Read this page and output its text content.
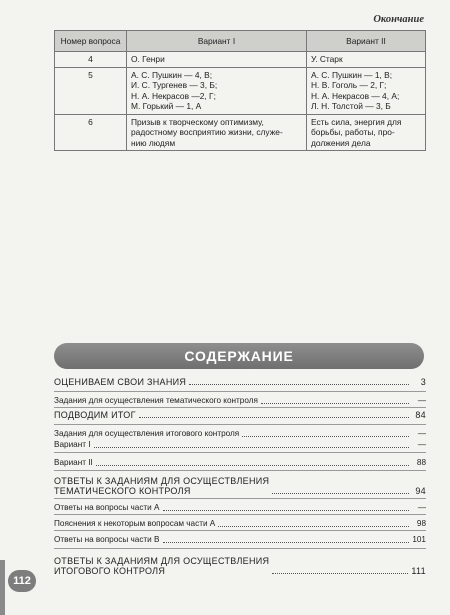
Окончание
Номер вопроса	Вариант I	Вариант II
4	О. Генри	У. Старк
5	А. С. Пушкин — 4, В;
И. С. Тургенев — 3, Б;
Н. А. Некрасов —2, Г;
М. Горький — 1, А	А. С. Пушкин — 1, В;
Н. В. Гоголь — 2, Г;
Н. А. Некрасов — 4, А;
Л. Н. Толстой — 3, Б
6	Призыв к творческому оптимизму,
радостному восприятию жизни, служе-
нию людям	Есть сила, энергия для
борьбы, работы, про-
должения дела
СОДЕРЖАНИЕ
ОЦЕНИВАЕМ СВОИ ЗНАНИЯ	3
Задания для осуществления тематического контроля	—
ПОДВОДИМ ИТОГ	84
Задания для осуществления итогового контроля	—
Вариант I	—
Вариант II	88
ОТВЕТЫ К ЗАДАНИЯМ ДЛЯ ОСУЩЕСТВЛЕНИЯ
ТЕМАТИЧЕСКОГО КОНТРОЛЯ	94
Ответы на вопросы части А	—
Пояснения к некоторым вопросам части А	98
Ответы на вопросы части В	101
ОТВЕТЫ К ЗАДАНИЯМ ДЛЯ ОСУЩЕСТВЛЕНИЯ
ИТОГОВОГО КОНТРОЛЯ	111
112
